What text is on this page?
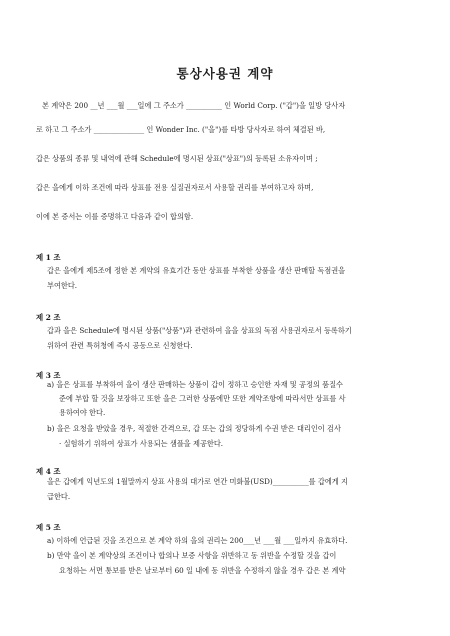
통상사용권 계약
본 계약은 200 __년 ___월 ___일에 그 주소가 __________ 인 World Corp. ("갑")을 일방 당사자
로 하고 그 주소가 ______________ 인 Wonder Inc. ("을")를 타방 당사자로 하여 체결된 바,
갑은 상품의 종류 및 내역에 관해 Schedule에 명시된 상표("상표")의 등록된 소유자이며 ;
갑은 을에게 이하 조건에 따라 상표를 전용 실질권자로서 사용할 권리를 부여하고자 하며,
이에 본 증서는 이를 증명하고 다음과 같이 합의함.
제 1 조
갑은 을에게 제5조에 정한 본 계약의 유효기간 동안 상표를 부착한 상품을 생산 판매할 독점권을
부여한다.
제 2 조
갑과 을은 Schedule에 명시된 상품("상품")과 관련하여 을을 상표의 독점 사용권자로서 등록하기
위하여 관련 특허청에 즉시 공동으로 신청한다.
제 3 조
a) 을은 상표를 부착하여 을이 생산 판매하는 상품이 갑이 정하고 승인한 자재 및 공정의 품질수
준에 부합 할 것을 보장하고 또한 을은 그러한 상품에만 또한 계약조항에 따라서만 상표를 사
용하여야 한다.
b) 을은 요청을 받았을 경우, 적절한 간격으로, 갑 또는 갑의 정당하게 수권 받은 대리인이 검사
· 실험하기 위하여 상표가 사용되는 샘플을 제공한다.
제 4 조
을은 갑에게 익년도의 1월말까지 상표 사용의 대가로 연간 미화불(USD)__________를 갑에게 지
급한다.
제 5 조
a) 이하에 언급된 것을 조건으로 본 계약 하의 을의 권리는 200___년 ___월 ___일까지 유효하다.
b) 만약 을이 본 계약상의 조건이나 합의나 보증 사항을 위반하고 동 위반을 수정할 것을 갑이
요청하는 서면 통보를 받은 날로부터 60 일 내에 동 위반을 수정하지 않을 경우 갑은 본 계약
